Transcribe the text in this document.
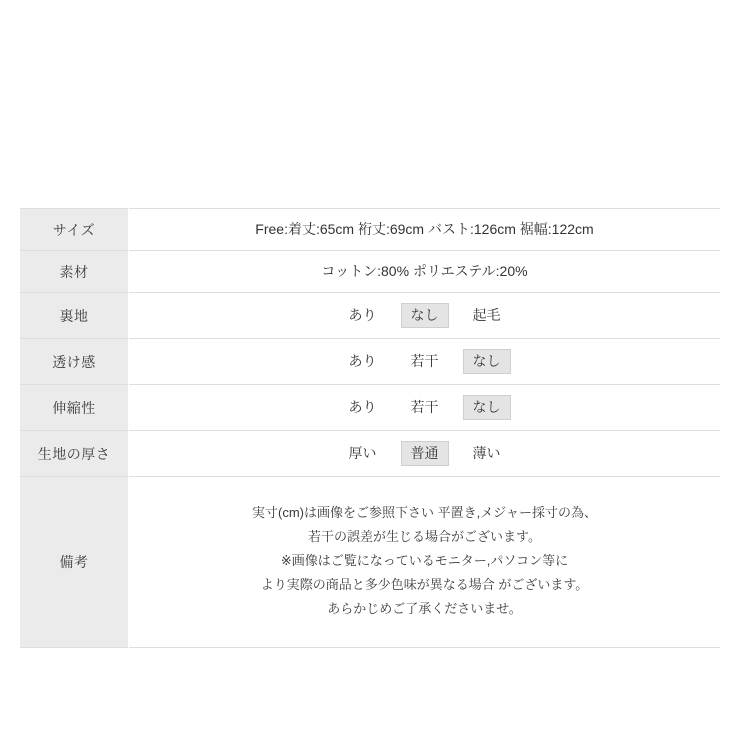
サイズ	Free:着丈:65cm 裄丈:69cm バスト:126cm 裾幅:122cm

素材	コットン:80% ポリエステル:20%

裏地	あり なし 起毛

透け感	あり 若干 なし

伸縮性	あり 若干 なし

生地の厚さ	厚い 普通 薄い

備考	実寸(cm)は画像をご参照下さい 平置き,メジャー採寸の為、
若干の誤差が生じる場合がございます。
※画像はご覧になっているモニター,パソコン等に
より実際の商品と多少色味が異なる場合 がございます。
あらかじめご了承くださいませ。
